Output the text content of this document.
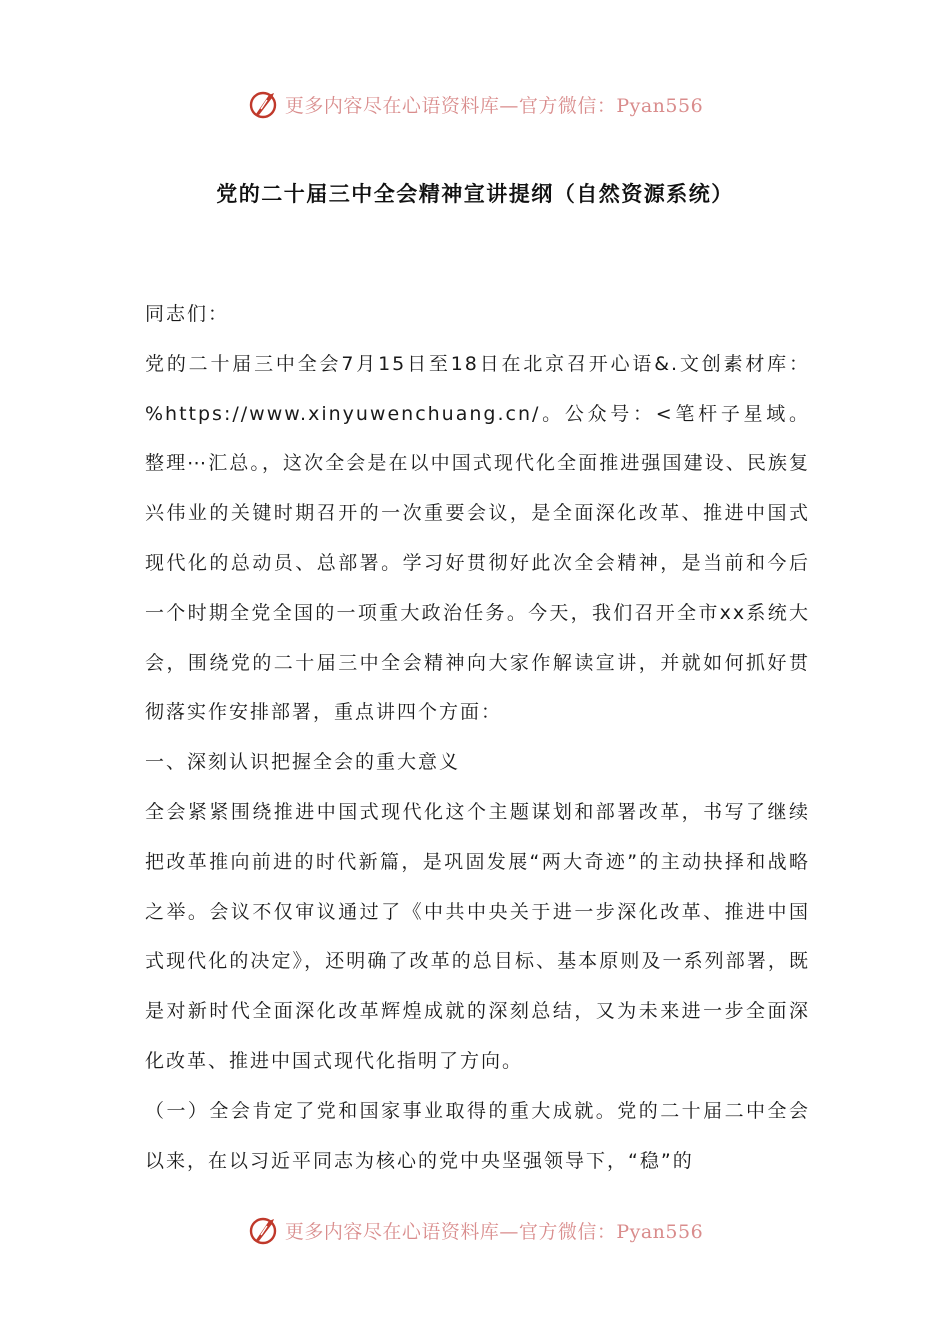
更多内容尽在心语资料库—官方微信：Pyan556
党的二十届三中全会精神宣讲提纲（自然资源系统）

同志们：

党的二十届三中全会7月15日至18日在北京召开心语&.文创素材库：%https://www.xinyuwenchuang.cn/。公众号：<笔杆子星域。整理⋯汇总。，这次全会是在以中国式现代化全面推进强国建设、民族复兴伟业的关键时期召开的一次重要会议，是全面深化改革、推进中国式现代化的总动员、总部署。学习好贯彻好此次全会精神，是当前和今后一个时期全党全国的一项重大政治任务。今天，我们召开全市xx系统大会，围绕党的二十届三中全会精神向大家作解读宣讲，并就如何抓好贯彻落实作安排部署，重点讲四个方面：

一、深刻认识把握全会的重大意义

全会紧紧围绕推进中国式现代化这个主题谋划和部署改革，书写了继续把改革推向前进的时代新篇，是巩固发展“两大奇迹”的主动抉择和战略之举。会议不仅审议通过了《中共中央关于进一步深化改革、推进中国式现代化的决定》，还明确了改革的总目标、基本原则及一系列部署，既是对新时代全面深化改革辉煌成就的深刻总结，又为未来进一步全面深化改革、推进中国式现代化指明了方向。

（一）全会肯定了党和国家事业取得的重大成就。党的二十届二中全会以来，在以习近平同志为核心的党中央坚强领导下，“稳”的

更多内容尽在心语资料库—官方微信：Pyan556
